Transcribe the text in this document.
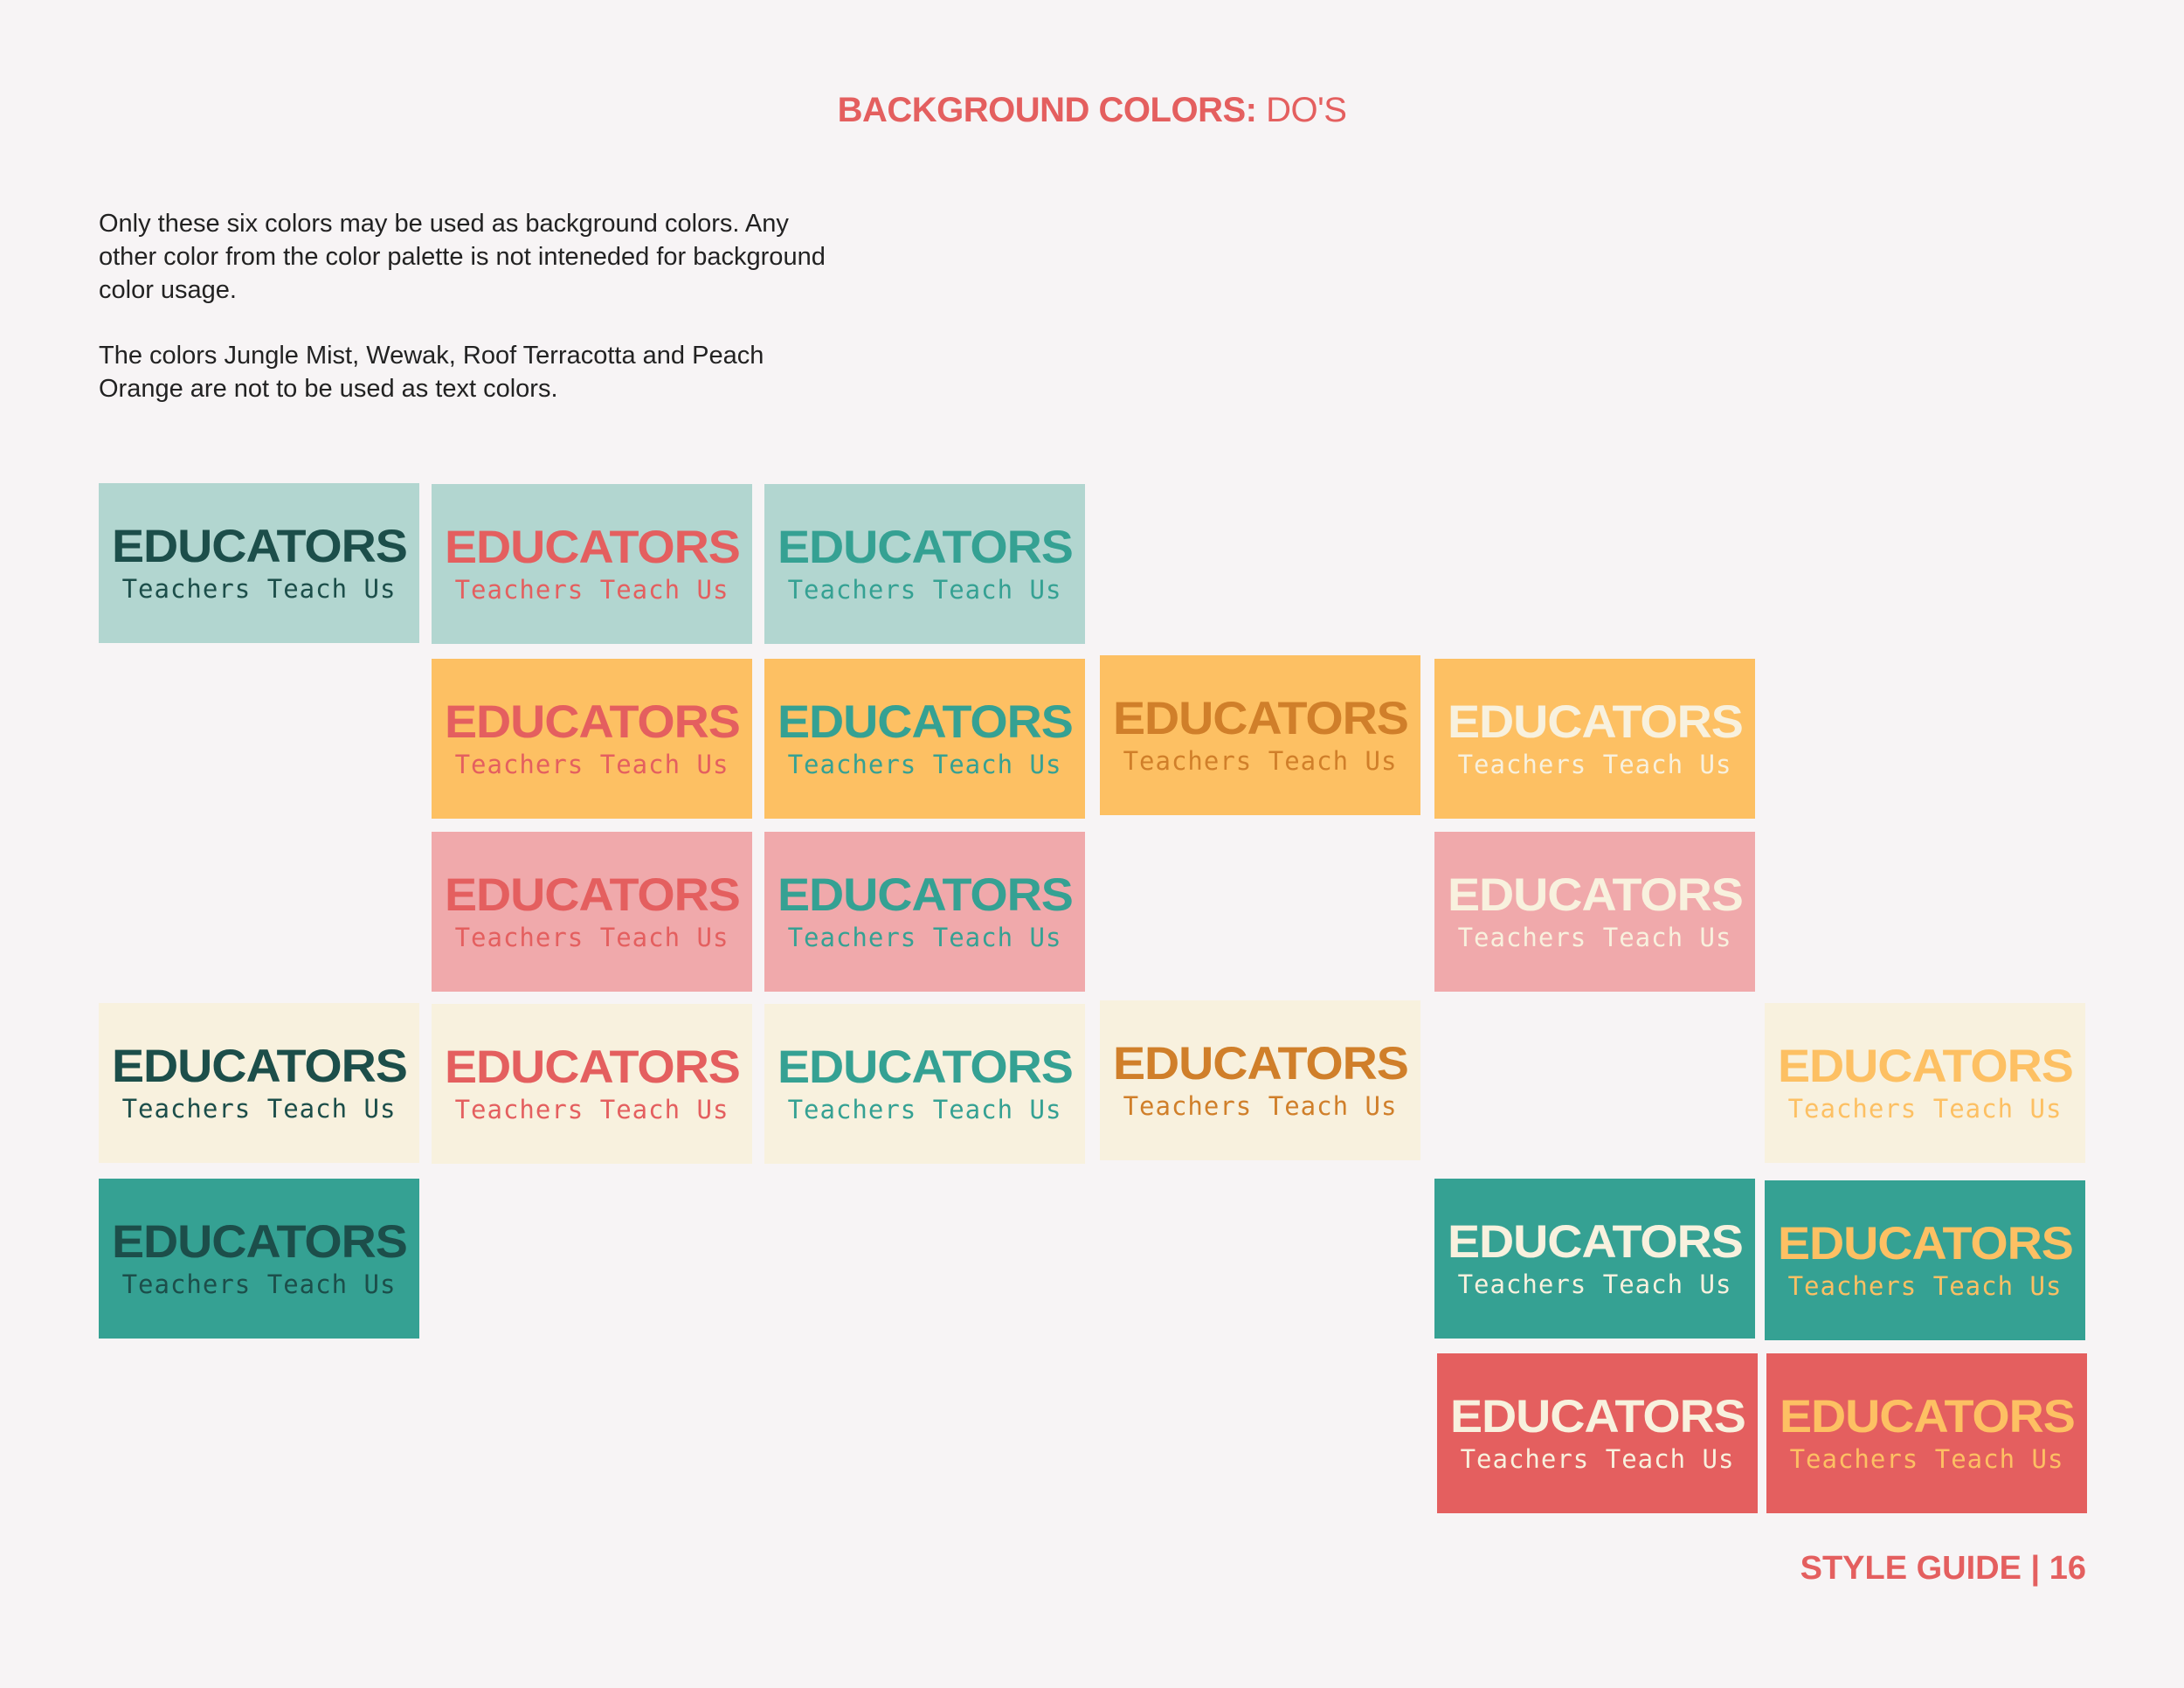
BACKGROUND COLORS: DO'S
Only these six colors may be used as background colors. Any other color from the color palette is not inteneded for background color usage.
The colors Jungle Mist, Wewak, Roof Terracotta and Peach Orange are not to be used as text colors.
EDUCATORS
Teachers Teach Us
EDUCATORS
Teachers Teach Us
EDUCATORS
Teachers Teach Us
EDUCATORS
Teachers Teach Us
EDUCATORS
Teachers Teach Us
EDUCATORS
Teachers Teach Us
EDUCATORS
Teachers Teach Us
EDUCATORS
Teachers Teach Us
EDUCATORS
Teachers Teach Us
EDUCATORS
Teachers Teach Us
EDUCATORS
Teachers Teach Us
EDUCATORS
Teachers Teach Us
EDUCATORS
Teachers Teach Us
EDUCATORS
Teachers Teach Us
EDUCATORS
Teachers Teach Us
EDUCATORS
Teachers Teach Us
EDUCATORS
Teachers Teach Us
EDUCATORS
Teachers Teach Us
EDUCATORS
Teachers Teach Us
EDUCATORS
Teachers Teach Us
STYLE GUIDE | 16
